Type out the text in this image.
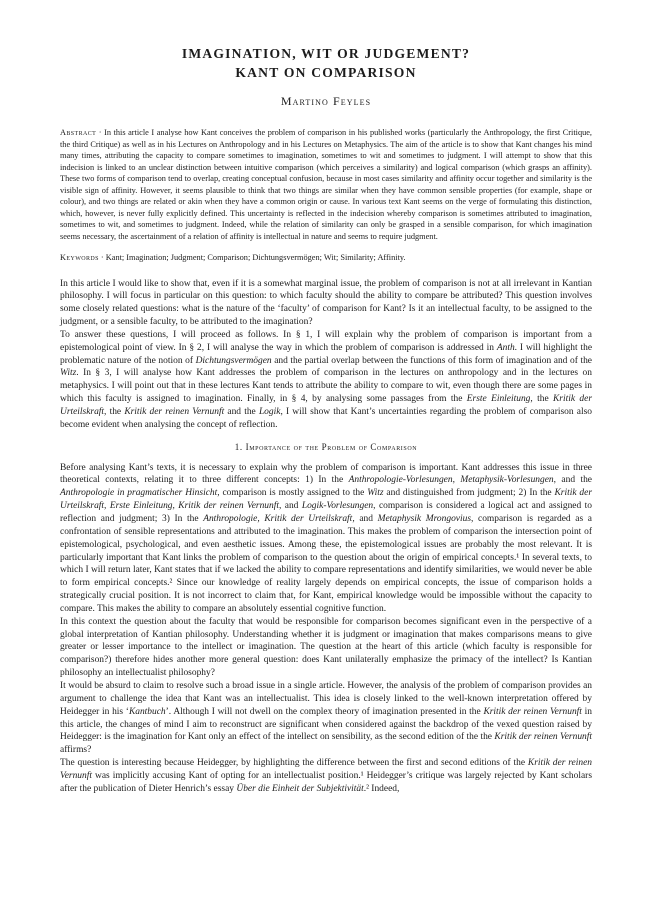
IMAGINATION, WIT OR JUDGEMENT?
KANT ON COMPARISON
Martino Feyles

Abstract · In this article I analyse how Kant conceives the problem of comparison in his published works (particularly the Anthropology, the first Critique, the third Critique) as well as in his Lectures on Anthropology and in his Lectures on Metaphysics. The aim of the article is to show that Kant changes his mind many times, attributing the capacity to compare sometimes to imagination, sometimes to wit and sometimes to judgment. I will attempt to show that this indecision is linked to an unclear distinction between intuitive comparison (which perceives a similarity) and logical comparison (which grasps an affinity). These two forms of comparison tend to overlap, creating conceptual confusion, because in most cases similarity and affinity occur together and similarity is the visible sign of affinity. However, it seems plausible to think that two things are similar when they have common sensible properties (for example, shape or colour), and two things are related or akin when they have a common origin or cause. In various text Kant seems on the verge of formulating this distinction, which, however, is never fully explicitly defined. This uncertainty is reflected in the indecision whereby comparison is sometimes attributed to imagination, sometimes to wit, and sometimes to judgment. Indeed, while the relation of similarity can only be grasped in a sensible comparison, for which imagination seems necessary, the ascertainment of a relation of affinity is intellectual in nature and seems to require judgment.

Keywords · Kant; Imagination; Judgment; Comparison; Dichtungsvermögen; Wit; Similarity; Affinity.

In this article I would like to show that, even if it is a somewhat marginal issue, the problem of comparison is not at all irrelevant in Kantian philosophy. I will focus in particular on this question: to which faculty should the ability to compare be attributed? This question involves some closely related questions: what is the nature of the ‘faculty’ of comparison for Kant? Is it an intellectual faculty, to be assigned to the judgment, or a sensible faculty, to be attributed to the imagination?

To answer these questions, I will proceed as follows. In § 1, I will explain why the problem of comparison is important from a epistemological point of view. In § 2, I will analyse the way in which the problem of comparison is addressed in Anth. I will highlight the problematic nature of the notion of Dichtungsvermögen and the partial overlap between the functions of this form of imagination and of the Witz. In § 3, I will analyse how Kant addresses the problem of comparison in the lectures on anthropology and in the lectures on metaphysics. I will point out that in these lectures Kant tends to attribute the ability to compare to wit, even though there are some pages in which this faculty is assigned to imagination. Finally, in § 4, by analysing some passages from the Erste Einleitung, the Kritik der Urteilskraft, the Kritik der reinen Vernunft and the Logik, I will show that Kant’s uncertainties regarding the problem of comparison also become evident when analysing the concept of reflection.

1. Importance of the Problem of Comparison

Before analysing Kant’s texts, it is necessary to explain why the problem of comparison is important. Kant addresses this issue in three theoretical contexts, relating it to three different concepts: 1) In the Anthropologie-Vorlesungen, Metaphysik-Vorlesungen, and the Anthropologie in pragmatischer Hinsicht, comparison is mostly assigned to the Witz and distinguished from judgment; 2) In the Kritik der Urteilskraft, Erste Einleitung, Kritik der reinen Vernunft, and Logik-Vorlesungen, comparison is considered a logical act and assigned to reflection and judgment; 3) In the Anthropologie, Kritik der Urteilskraft, and Metaphysik Mrongovius, comparison is regarded as a confrontation of sensible representations and attributed to the imagination. This makes the problem of comparison the intersection point of epistemological, psychological, and even aesthetic issues. Among these, the epistemological issues are probably the most relevant. It is particularly important that Kant links the problem of comparison to the question about the origin of empirical concepts.¹ In several texts, to which I will return later, Kant states that if we lacked the ability to compare representations and identify similarities, we would never be able to form empirical concepts.² Since our knowledge of reality largely depends on empirical concepts, the issue of comparison holds a strategically crucial position. It is not incorrect to claim that, for Kant, empirical knowledge would be impossible without the capacity to compare. This makes the ability to compare an absolutely essential cognitive function.

In this context the question about the faculty that would be responsible for comparison becomes significant even in the perspective of a global interpretation of Kantian philosophy. Understanding whether it is judgment or imagination that makes comparisons means to give greater or lesser importance to the intellect or imagination. The question at the heart of this article (which faculty is responsible for comparison?) therefore hides another more general question: does Kant unilaterally emphasize the primacy of the intellect? Is Kantian philosophy an intellectualist philosophy?

It would be absurd to claim to resolve such a broad issue in a single article. However, the analysis of the problem of comparison provides an argument to challenge the idea that Kant was an intellectualist. This idea is closely linked to the well-known interpretation offered by Heidegger in his ‘Kantbuch’. Although I will not dwell on the complex theory of imagination presented in the Kritik der reinen Vernunft in this article, the changes of mind I aim to reconstruct are significant when considered against the backdrop of the vexed question raised by Heidegger: is the imagination for Kant only an effect of the intellect on sensibility, as the second edition of the the Kritik der reinen Vernunft affirms?

The question is interesting because Heidegger, by highlighting the difference between the first and second editions of the Kritik der reinen Vernunft was implicitly accusing Kant of opting for an intellectualist position.¹ Heidegger’s critique was largely rejected by Kant scholars after the publication of Dieter Henrich’s essay Über die Einheit der Subjektivität.² Indeed,
